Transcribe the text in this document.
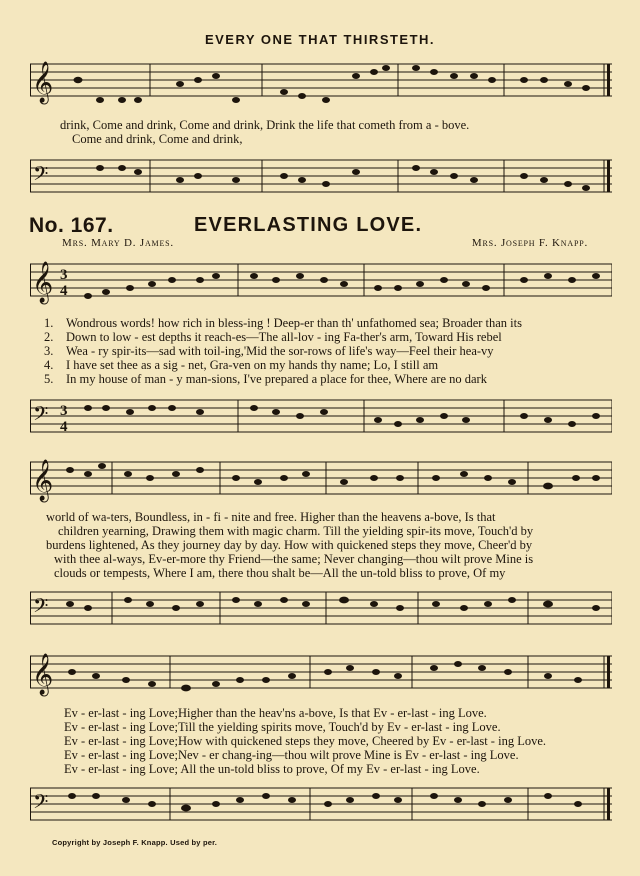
EVERY ONE THAT THIRSTETH.
𝄞
drink, Come and drink, Come and drink, Drink the life that cometh from a - bove.
Come and drink, Come and drink,
𝄢
No. 167.	EVERLASTING LOVE.
Mrs. Mary D. James.	Mrs. Joseph F. Knapp.
𝄞 3
4
1. Wondrous words! how rich in bless-ing ! Deep-er than th' unfathomed sea; Broader than its
2. Down to low - est depths it reach-es—The all-lov - ing Fa-ther's arm, Toward His rebel
3. Wea - ry spir-its—sad with toil-ing,'Mid the sor-rows of life's way—Feel their hea-vy
4. I have set thee as a sig - net, Gra-ven on my hands thy name; Lo, I still am
5. In my house of man - y man-sions, I've prepared a place for thee, Where are no dark
𝄢 3
4
𝄞
world of wa-ters, Boundless, in - fi - nite and free. Higher than the heavens a-bove, Is that
children yearning, Drawing them with magic charm. Till the yielding spir-its move, Touch'd by
burdens lightened, As they journey day by day. How with quickened steps they move, Cheer'd by
with thee al-ways, Ev-er-more thy Friend—the same; Never changing—thou wilt prove Mine is
clouds or tempests, Where I am, there thou shalt be—All the un-told bliss to prove, Of my
𝄢
𝄞
Ev - er-last - ing Love;Higher than the heav'ns a-bove, Is that Ev - er-last - ing Love.
Ev - er-last - ing Love;Till the yielding spirits move, Touch'd by Ev - er-last - ing Love.
Ev - er-last - ing Love;How with quickened steps they move, Cheered by Ev - er-last - ing Love.
Ev - er-last - ing Love;Nev - er chang-ing—thou wilt prove Mine is Ev - er-last - ing Love.
Ev - er-last - ing Love; All the un-told bliss to prove, Of my Ev - er-last - ing Love.
𝄢
Copyright by Joseph F. Knapp. Used by per.
